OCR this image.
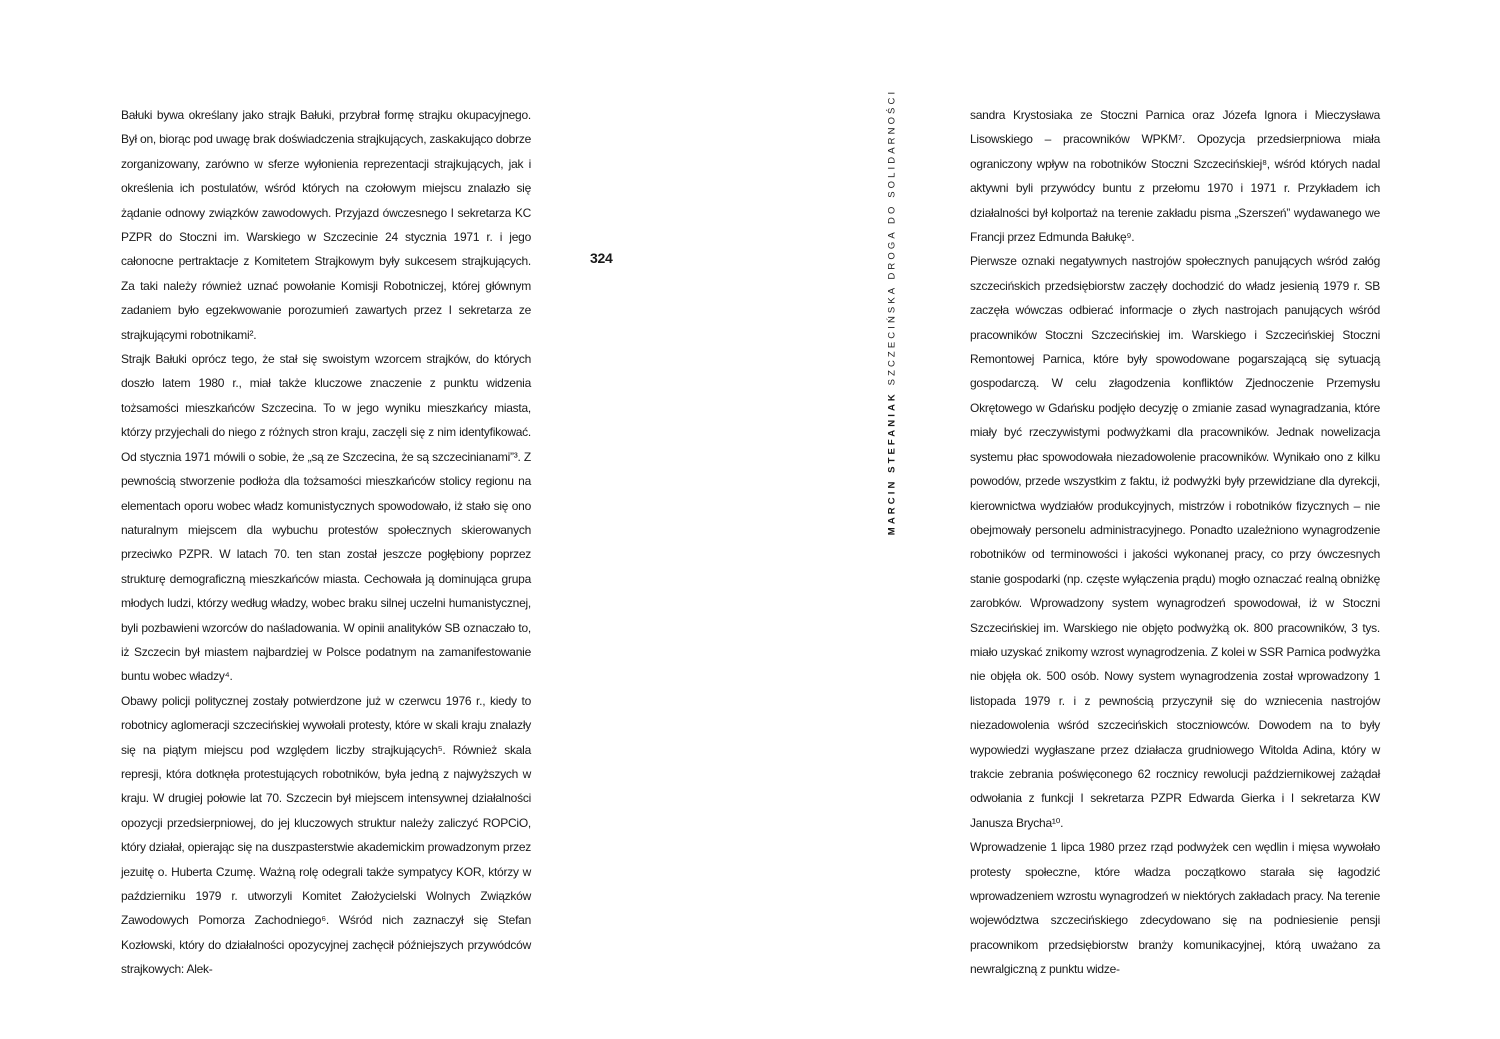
Bałuki bywa określany jako strajk Bałuki, przybrał formę strajku okupacyjnego. Był on, biorąc pod uwagę brak doświadczenia strajkujących, zaskakująco dobrze zorganizowany, zarówno w sferze wyłonienia reprezentacji strajkujących, jak i określenia ich postulatów, wśród których na czołowym miejscu znalazło się żądanie odnowy związków zawodowych. Przyjazd ówczesnego I sekretarza KC PZPR do Stoczni im. Warskiego w Szczecinie 24 stycznia 1971 r. i jego całonocne pertraktacje z Komitetem Strajkowym były sukcesem strajkujących. Za taki należy również uznać powołanie Komisji Robotniczej, której głównym zadaniem było egzekwowanie porozumień zawartych przez I sekretarza ze strajkującymi robotnikami².

Strajk Bałuki oprócz tego, że stał się swoistym wzorcem strajków, do których doszło latem 1980 r., miał także kluczowe znaczenie z punktu widzenia tożsamości mieszkańców Szczecina. To w jego wyniku mieszkańcy miasta, którzy przyjechali do niego z różnych stron kraju, zaczęli się z nim identyfikować. Od stycznia 1971 mówili o sobie, że „są ze Szczecina, że są szczecinianami”³. Z pewnością stworzenie podłoża dla tożsamości mieszkańców stolicy regionu na elementach oporu wobec władz komunistycznych spowodowało, iż stało się ono naturalnym miejscem dla wybuchu protestów społecznych skierowanych przeciwko PZPR. W latach 70. ten stan został jeszcze pogłębiony poprzez strukturę demograficzną mieszkańców miasta. Cechowała ją dominująca grupa młodych ludzi, którzy według władzy, wobec braku silnej uczelni humanistycznej, byli pozbawieni wzorców do naśladowania. W opinii analityków SB oznaczało to, iż Szczecin był miastem najbardziej w Polsce podatnym na zamanifestowanie buntu wobec władzy⁴.

Obawy policji politycznej zostały potwierdzone już w czerwcu 1976 r., kiedy to robotnicy aglomeracji szczecińskiej wywołali protesty, które w skali kraju znalazły się na piątym miejscu pod względem liczby strajkujących⁵. Również skala represji, która dotknęła protestujących robotników, była jedną z najwyższych w kraju. W drugiej połowie lat 70. Szczecin był miejscem intensywnej działalności opozycji przedsierpniowej, do jej kluczowych struktur należy zaliczyć ROPCiO, który działał, opierając się na duszpasterstwie akademickim prowadzonym przez jezuitę o. Huberta Czumę. Ważną rolę odegrali także sympatycy KOR, którzy w październiku 1979 r. utworzyli Komitet Założycielski Wolnych Związków Zawodowych Pomorza Zachodniego⁶. Wśród nich zaznaczył się Stefan Kozłowski, który do działalności opozycyjnej zachęcił późniejszych przywódców strajkowych: Alek-

324
MARCIN STEFANIAK SZCZECIŃSKA DROGA DO SOLIDARNOŚCI	sandra Krystosiaka ze Stoczni Parnica oraz Józefa Ignora i Mieczysława Lisowskiego – pracowników WPKM⁷. Opozycja przedsierpniowa miała ograniczony wpływ na robotników Stoczni Szczecińskiej⁸, wśród których nadal aktywni byli przywódcy buntu z przełomu 1970 i 1971 r. Przykładem ich działalności był kolportaż na terenie zakładu pisma „Szerszeń” wydawanego we Francji przez Edmunda Bałukę⁹.

Pierwsze oznaki negatywnych nastrojów społecznych panujących wśród załóg szczecińskich przedsiębiorstw zaczęły dochodzić do władz jesienią 1979 r. SB zaczęła wówczas odbierać informacje o złych nastrojach panujących wśród pracowników Stoczni Szczecińskiej im. Warskiego i Szczecińskiej Stoczni Remontowej Parnica, które były spowodowane pogarszającą się sytuacją gospodarczą. W celu złagodzenia konfliktów Zjednoczenie Przemysłu Okrętowego w Gdańsku podjęło decyzję o zmianie zasad wynagradzania, które miały być rzeczywistymi podwyżkami dla pracowników. Jednak nowelizacja systemu płac spowodowała niezadowolenie pracowników. Wynikało ono z kilku powodów, przede wszystkim z faktu, iż podwyżki były przewidziane dla dyrekcji, kierownictwa wydziałów produkcyjnych, mistrzów i robotników fizycznych – nie obejmowały personelu administracyjnego. Ponadto uzależniono wynagrodzenie robotników od terminowości i jakości wykonanej pracy, co przy ówczesnych stanie gospodarki (np. częste wyłączenia prądu) mogło oznaczać realną obniżkę zarobków. Wprowadzony system wynagrodzeń spowodował, iż w Stoczni Szczecińskiej im. Warskiego nie objęto podwyżką ok. 800 pracowników, 3 tys. miało uzyskać znikomy wzrost wynagrodzenia. Z kolei w SSR Parnica podwyżka nie objęła ok. 500 osób. Nowy system wynagrodzenia został wprowadzony 1 listopada 1979 r. i z pewnością przyczynił się do wzniecenia nastrojów niezadowolenia wśród szczecińskich stoczniowców. Dowodem na to były wypowiedzi wygłaszane przez działacza grudniowego Witolda Adina, który w trakcie zebrania poświęconego 62 rocznicy rewolucji październikowej zażądał odwołania z funkcji I sekretarza PZPR Edwarda Gierka i I sekretarza KW Janusza Brycha¹⁰.

Wprowadzenie 1 lipca 1980 przez rząd podwyżek cen wędlin i mięsa wywołało protesty społeczne, które władza początkowo starała się łagodzić wprowadzeniem wzrostu wynagrodzeń w niektórych zakładach pracy. Na terenie województwa szczecińskiego zdecydowano się na podniesienie pensji pracownikom przedsiębiorstw branży komunikacyjnej, którą uważano za newralgiczną z punktu widze-
